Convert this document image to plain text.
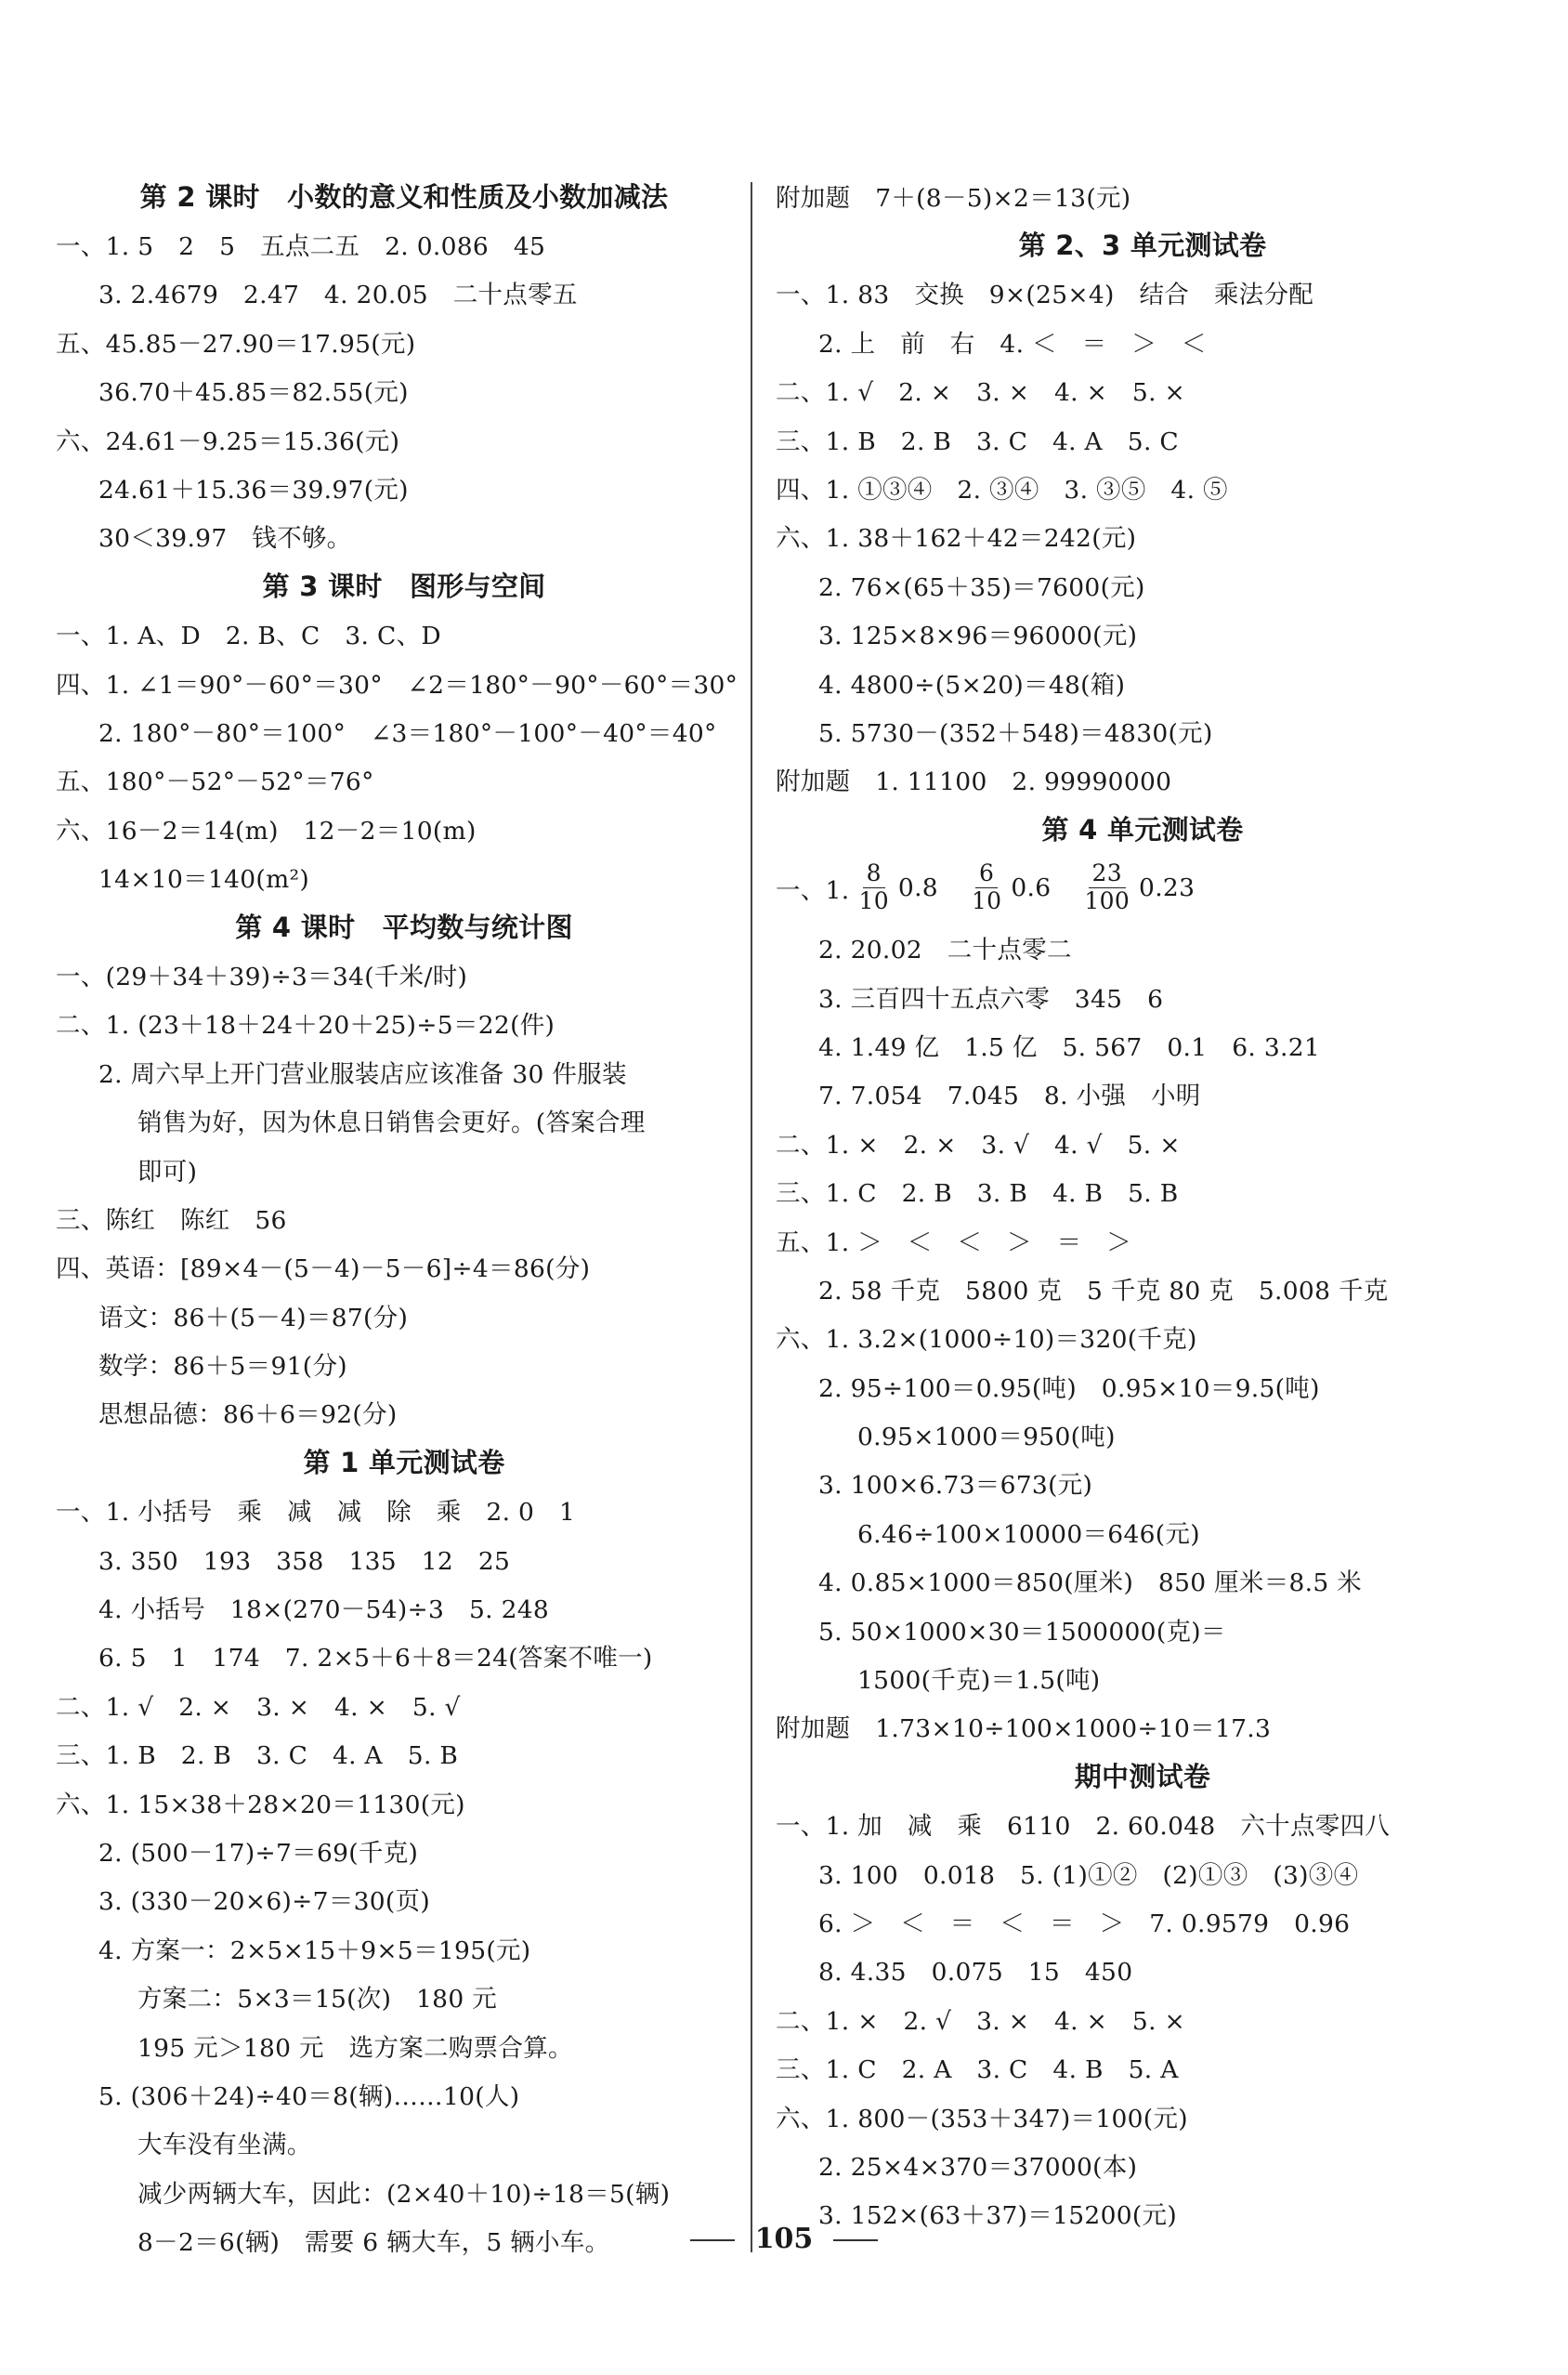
第 2 课时　小数的意义和性质及小数加减法
一、1. 5　2　5　五点二五　2. 0.086　45
3. 2.4679　2.47　4. 20.05　二十点零五
五、45.85－27.90＝17.95(元)
36.70＋45.85＝82.55(元)
六、24.61－9.25＝15.36(元)
24.61＋15.36＝39.97(元)
30＜39.97　钱不够。
第 3 课时　图形与空间
一、1. A、D　2. B、C　3. C、D
四、1. ∠1＝90°－60°＝30°　∠2＝180°－90°－60°＝30°
2. 180°－80°＝100°　∠3＝180°－100°－40°＝40°
五、180°－52°－52°＝76°
六、16－2＝14(m)　12－2＝10(m)
14×10＝140(m²)
第 4 课时　平均数与统计图
一、(29＋34＋39)÷3＝34(千米/时)
二、1. (23＋18＋24＋20＋25)÷5＝22(件)
2. 周六早上开门营业服装店应该准备 30 件服装
销售为好，因为休息日销售会更好。(答案合理
即可)
三、陈红　陈红　56
四、英语：[89×4－(5－4)－5－6]÷4＝86(分)
语文：86＋(5－4)＝87(分)
数学：86＋5＝91(分)
思想品德：86＋6＝92(分)
第 1 单元测试卷
一、1. 小括号　乘　减　减　除　乘　2. 0　1
3. 350　193　358　135　12　25
4. 小括号　18×(270－54)÷3　5. 248
6. 5　1　174　7. 2×5＋6＋8＝24(答案不唯一)
二、1. √　2. ×　3. ×　4. ×　5. √
三、1. B　2. B　3. C　4. A　5. B
六、1. 15×38＋28×20＝1130(元)
2. (500－17)÷7＝69(千克)
3. (330－20×6)÷7＝30(页)
4. 方案一：2×5×15＋9×5＝195(元)
方案二：5×3＝15(次)　180 元
195 元＞180 元　选方案二购票合算。
5. (306＋24)÷40＝8(辆)……10(人)
大车没有坐满。
减少两辆大车，因此：(2×40＋10)÷18＝5(辆)
8－2＝6(辆)　需要 6 辆大车，5 辆小车。
附加题　7＋(8－5)×2＝13(元)
第 2、3 单元测试卷
一、1. 83　交换　9×(25×4)　结合　乘法分配
2. 上　前　右　4. ＜　＝　＞　＜
二、1. √　2. ×　3. ×　4. ×　5. ×
三、1. B　2. B　3. C　4. A　5. C
四、1. ①③④　2. ③④　3. ③⑤　4. ⑤
六、1. 38＋162＋42＝242(元)
2. 76×(65＋35)＝7600(元)
3. 125×8×96＝96000(元)
4. 4800÷(5×20)＝48(箱)
5. 5730－(352＋548)＝4830(元)
附加题　1. 11100　2. 99990000
第 4 单元测试卷
一、1. $\frac{8}{10} 0.8 \frac{6}{10} 0.6 \frac{23}{100} 0.23$
2. 20.02　二十点零二
3. 三百四十五点六零　345　6
4. 1.49 亿　1.5 亿　5. 567　0.1　6. 3.21
7. 7.054　7.045　8. 小强　小明
二、1. ×　2. ×　3. √　4. √　5. ×
三、1. C　2. B　3. B　4. B　5. B
五、1. ＞　＜　＜　＞　＝　＞
2. 58 千克　5800 克　5 千克 80 克　5.008 千克
六、1. 3.2×(1000÷10)＝320(千克)
2. 95÷100＝0.95(吨)　0.95×10＝9.5(吨)
0.95×1000＝950(吨)
3. 100×6.73＝673(元)
6.46÷100×10000＝646(元)
4. 0.85×1000＝850(厘米)　850 厘米＝8.5 米
5. 50×1000×30＝1500000(克)＝
1500(千克)＝1.5(吨)
附加题　1.73×10÷100×1000÷10＝17.3
期中测试卷
一、1. 加　减　乘　6110　2. 60.048　六十点零四八
3. 100　0.018　5. (1)①②　(2)①③　(3)③④
6. ＞　＜　＝　＜　＝　＞　7. 0.9579　0.96
8. 4.35　0.075　15　450
二、1. ×　2. √　3. ×　4. ×　5. ×
三、1. C　2. A　3. C　4. B　5. A
六、1. 800－(353＋347)＝100(元)
2. 25×4×370＝37000(本)
3. 152×(63＋37)＝15200(元)
105
